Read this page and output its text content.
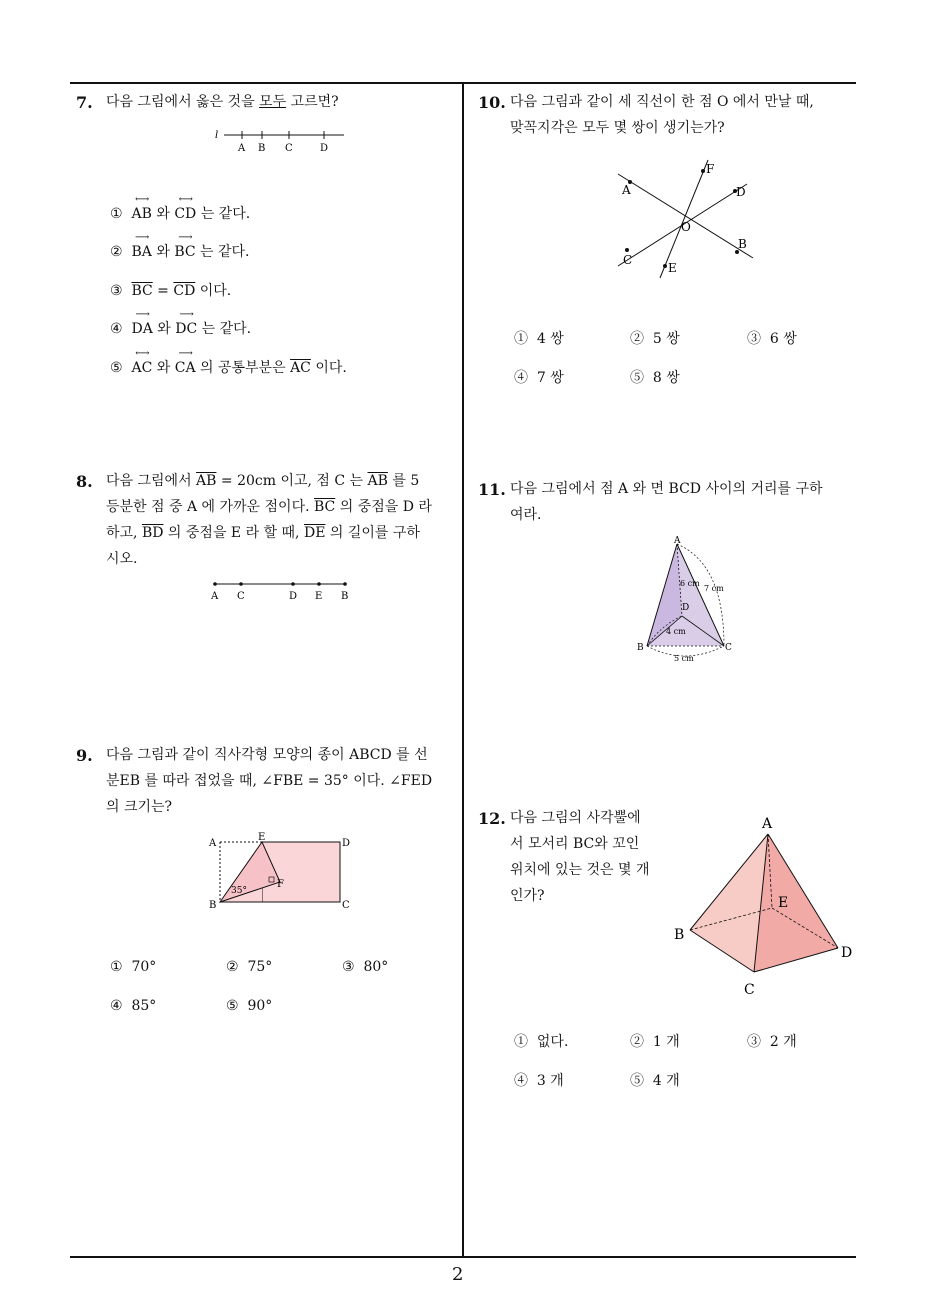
2
7. 다음 그림에서 옳은 것을 모두 고르면?
l
A B C	D
① ⟷ AB 와 ⟷ CD 는 같다.
② ⟶ BA 와 ⟶ BC 는 같다.
③ $\overline{BC} = \overline{CD}$ 이다.
④ ⟶ DA 와 ⟶ DC 는 같다.
⑤ ⟷ AC 와 ⟶ CA 의 공통부분은 $\overline{AC}$ 이다.
8. 다음 그림에서 $\overline{AB} = 20cm$ 이고, 점 C 는 $\overline{AB}$ 를 5
등분한 점 중 A 에 가까운 점이다. $\overline{BC}$ 의 중점을 D 라
하고, $\overline{BD}$ 의 중점을 E 라 할 때, $\overline{DE}$ 의 길이를 구하
시오.
A C	D E B
9. 다음 그림과 같이 직사각형 모양의 종이 ABCD 를 선
분EB 를 따라 접었을 때, ∠FBE = 35° 이다. ∠FED
의 크기는?
A
E
D
F
B	C
35°
① 70°	② 75°	③ 80°
④ 85°	⑤ 90°
10. 다음 그림과 같이 세 직선이 한 점 O 에서 만날 때,
맞꼭지각은 모두 몇 쌍이 생기는가?
F
A	D
O
B
C
E
① 4 쌍	② 5 쌍	③ 6 쌍
④ 7 쌍	⑤ 8 쌍
11. 다음 그림에서 점 A 와 면 BCD 사이의 거리를 구하
여라.
A
B	C
D
6 cm
7 cm
4 cm
5 cm
12. 다음 그림의 사각뿔에
서 모서리 BC와 꼬인
위치에 있는 것은 몇 개
인가?
A
B
C
D
E
① 없다.	② 1 개	③ 2 개
④ 3 개	⑤ 4 개
